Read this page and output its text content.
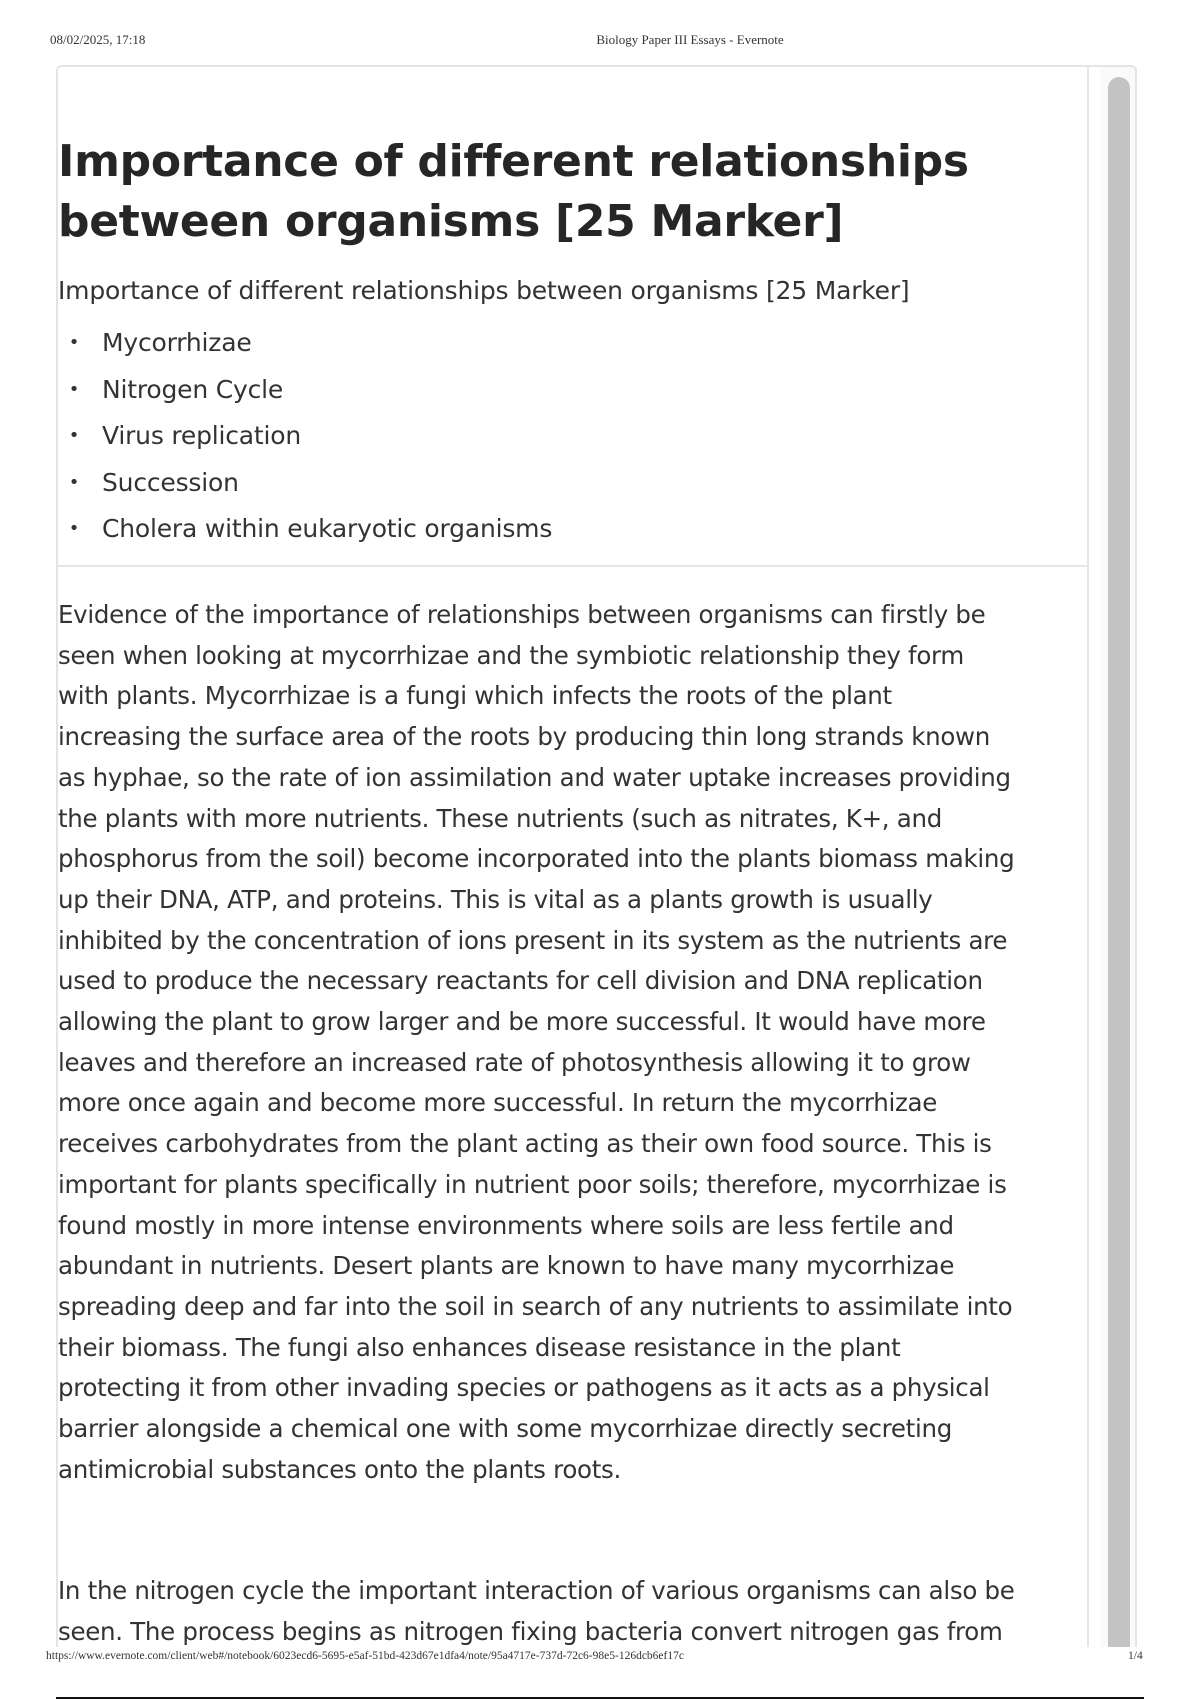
08/02/2025, 17:18	Biology Paper III Essays - Evernote
Importance of different relationships between organisms [25 Marker]
Importance of different relationships between organisms [25 Marker]
• Mycorrhizae
• Nitrogen Cycle
• Virus replication
• Succession
• Cholera within eukaryotic organisms

Evidence of the importance of relationships between organisms can firstly be
seen when looking at mycorrhizae and the symbiotic relationship they form
with plants. Mycorrhizae is a fungi which infects the roots of the plant
increasing the surface area of the roots by producing thin long strands known
as hyphae, so the rate of ion assimilation and water uptake increases providing
the plants with more nutrients. These nutrients (such as nitrates, K+, and
phosphorus from the soil) become incorporated into the plants biomass making
up their DNA, ATP, and proteins. This is vital as a plants growth is usually
inhibited by the concentration of ions present in its system as the nutrients are
used to produce the necessary reactants for cell division and DNA replication
allowing the plant to grow larger and be more successful. It would have more
leaves and therefore an increased rate of photosynthesis allowing it to grow
more once again and become more successful. In return the mycorrhizae
receives carbohydrates from the plant acting as their own food source. This is
important for plants specifically in nutrient poor soils; therefore, mycorrhizae is
found mostly in more intense environments where soils are less fertile and
abundant in nutrients. Desert plants are known to have many mycorrhizae
spreading deep and far into the soil in search of any nutrients to assimilate into
their biomass. The fungi also enhances disease resistance in the plant
protecting it from other invading species or pathogens as it acts as a physical
barrier alongside a chemical one with some mycorrhizae directly secreting
antimicrobial substances onto the plants roots.

In the nitrogen cycle the important interaction of various organisms can also be
seen. The process begins as nitrogen fixing bacteria convert nitrogen gas from

https://www.evernote.com/client/web#/notebook/6023ecd6-5695-e5af-51bd-423d67e1dfa4/note/95a4717e-737d-72c6-98e5-126dcb6ef17c	1/4
